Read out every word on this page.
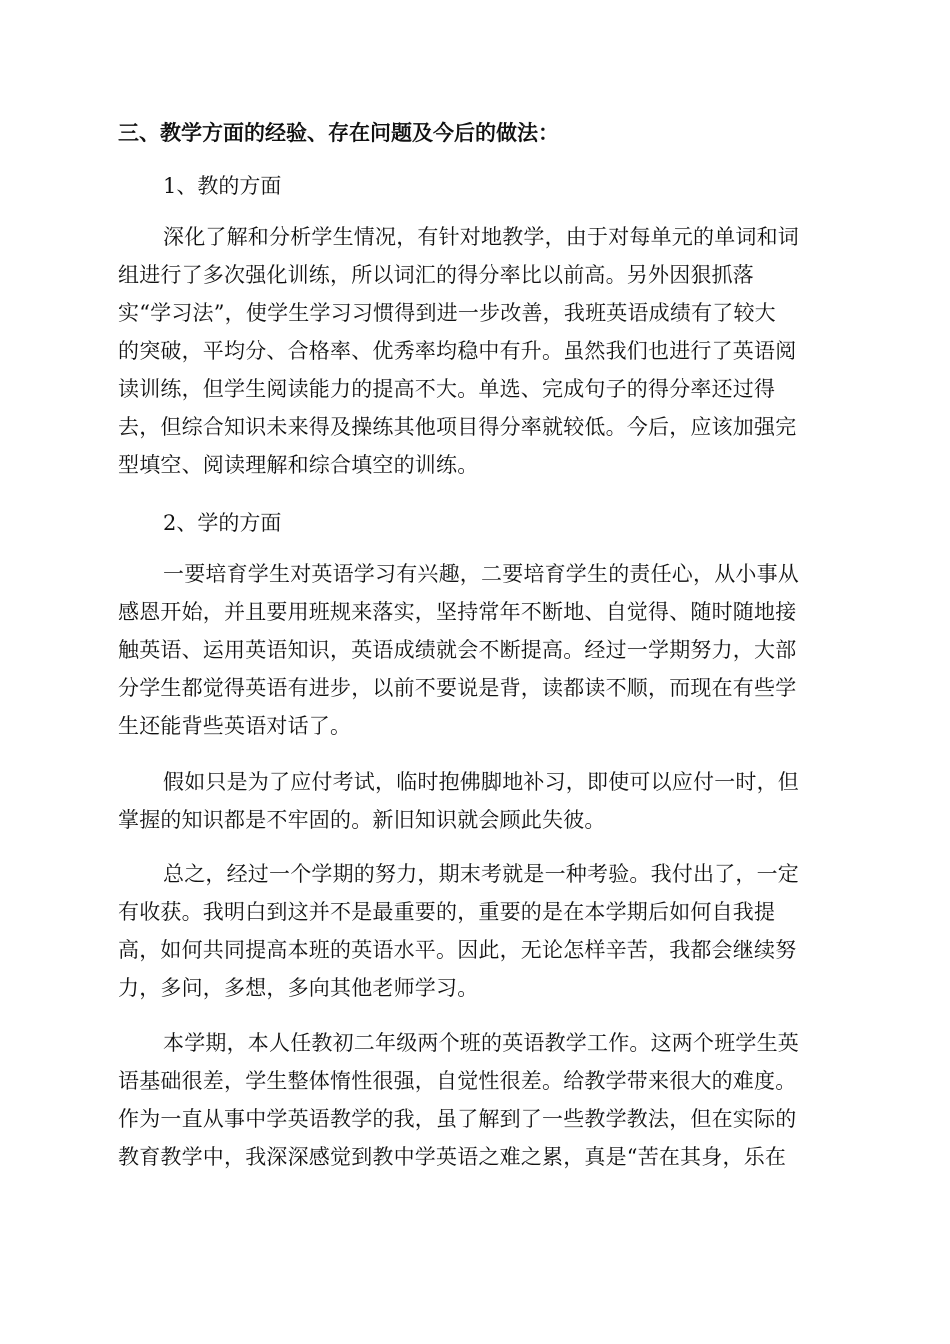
三、教学方面的经验、存在问题及今后的做法：

1、教的方面

深化了解和分析学生情况，有针对地教学，由于对每单元的单词和词
组进行了多次强化训练，所以词汇的得分率比以前高。另外因狠抓落
实“学习法”，使学生学习习惯得到进一步改善，我班英语成绩有了较大
的突破，平均分、合格率、优秀率均稳中有升。虽然我们也进行了英语阅
读训练，但学生阅读能力的提高不大。单选、完成句子的得分率还过得
去，但综合知识未来得及操练其他项目得分率就较低。今后，应该加强完
型填空、阅读理解和综合填空的训练。

2、学的方面

一要培育学生对英语学习有兴趣，二要培育学生的责任心，从小事从
感恩开始，并且要用班规来落实，坚持常年不断地、自觉得、随时随地接
触英语、运用英语知识，英语成绩就会不断提高。经过一学期努力，大部
分学生都觉得英语有进步，以前不要说是背，读都读不顺，而现在有些学
生还能背些英语对话了。
假如只是为了应付考试，临时抱佛脚地补习，即使可以应付一时，但
掌握的知识都是不牢固的。新旧知识就会顾此失彼。
总之，经过一个学期的努力，期末考就是一种考验。我付出了，一定
有收获。我明白到这并不是最重要的，重要的是在本学期后如何自我提
高，如何共同提高本班的英语水平。因此，无论怎样辛苦，我都会继续努
力，多问，多想，多向其他老师学习。
本学期，本人任教初二年级两个班的英语教学工作。这两个班学生英
语基础很差，学生整体惰性很强，自觉性很差。给教学带来很大的难度。
作为一直从事中学英语教学的我，虽了解到了一些教学教法，但在实际的
教育教学中，我深深感觉到教中学英语之难之累，真是“苦在其身，乐在
